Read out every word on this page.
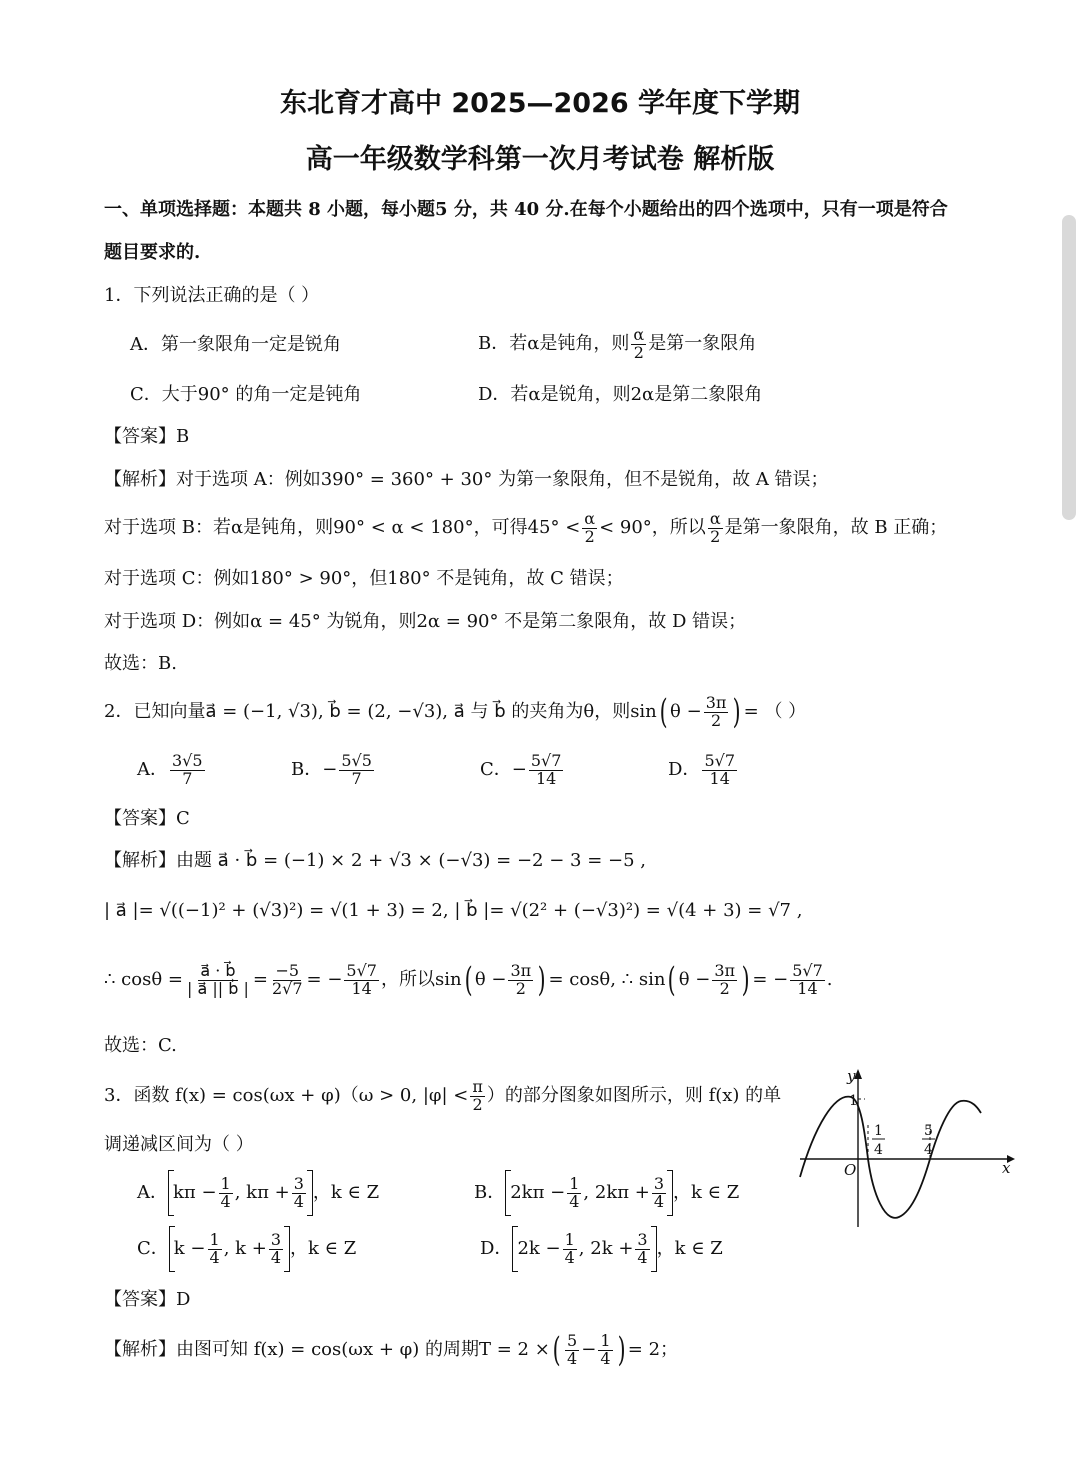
东北育才高中 2025—2026 学年度下学期
高一年级数学科第一次月考试卷 解析版
一、单项选择题：本题共 8 小题，每小题5 分，共 40 分.在每个小题给出的四个选项中，只有一项是符合
题目要求的.
1．下列说法正确的是（ ）
A．第一象限角一定是锐角	B．若α是钝角，则 $\frac{\alpha}{2}$ 是第一象限角
C．大于90° 的角一定是钝角	D．若α是锐角，则2α是第二象限角
【答案】B
【解析】对于选项 A：例如390° = 360° + 30° 为第一象限角，但不是锐角，故 A 错误；
对于选项 B：若α是钝角，则90° < α < 180°，可得$45^\circ < \frac{\alpha}{2} < 90^\circ$，所以 $\frac{\alpha}{2}$ 是第一象限角，故 B 正确；
对于选项 C：例如180° > 90°，但180° 不是钝角，故 C 错误；
对于选项 D：例如α = 45° 为锐角，则2α = 90° 不是第二象限角，故 D 错误；
故选：B.
2．已知向量a⃗ = (−1, √3), b⃗ = (2, −√3), a⃗ 与 b⃗ 的夹角为θ，则sin( $\theta - \frac{3\pi}{2}$ ) = （ ）
A． $\frac{3√5}{7}$	B．− $\frac{5√5}{7}$	C．− $\frac{5√7}{14}$	D． $\frac{5√7}{14}$
【答案】C
【解析】由题 a⃗ · b⃗ = (−1) × 2 + √3 × (−√3) = −2 − 3 = −5 ,
| a⃗ |= √((−1)² + (√3)²) = √(1 + 3) = 2, | b⃗ |= √(2² + (−√3)²) = √(4 + 3) = √7 ,
∴ $\cos\theta = \frac{a⃗ \cdot b⃗}{| a⃗ || b⃗ |} = \frac{-5}{2√7}$ = − $\frac{5√7}{14}$ ，所以sin( $\theta - \frac{3\pi}{2}$ ) = cosθ, ∴ sin( $\theta - \frac{3\pi}{2}$ ) = − $\frac{5√7}{14}$ .
故选：C.
3．函数 f(x) = cos(ωx + φ)（ω > 0, $|\varphi| < \frac{\pi}{2}$ ）的部分图象如图所示，则 f(x) 的单
调递减区间为（ ）
A． $k\pi - \frac{1}{4}$ , $k\pi + \frac{3}{4}$ ，k ∈ Z	B． $2k\pi - \frac{1}{4}$ , $2k\pi + \frac{3}{4}$ ，k ∈ Z
C． $k - \frac{1}{4}$ , $k + \frac{3}{4}$ ，k ∈ Z	D． $2k - \frac{1}{4}$ , $2k + \frac{3}{4}$ ，k ∈ Z
【答案】D
【解析】由图可知 f(x) = cos(ωx + φ) 的周期T = 2 ×( $\frac{5}{4} - \frac{1}{4}$ ) = 2；
y
x
O
1
1
4
5
4
